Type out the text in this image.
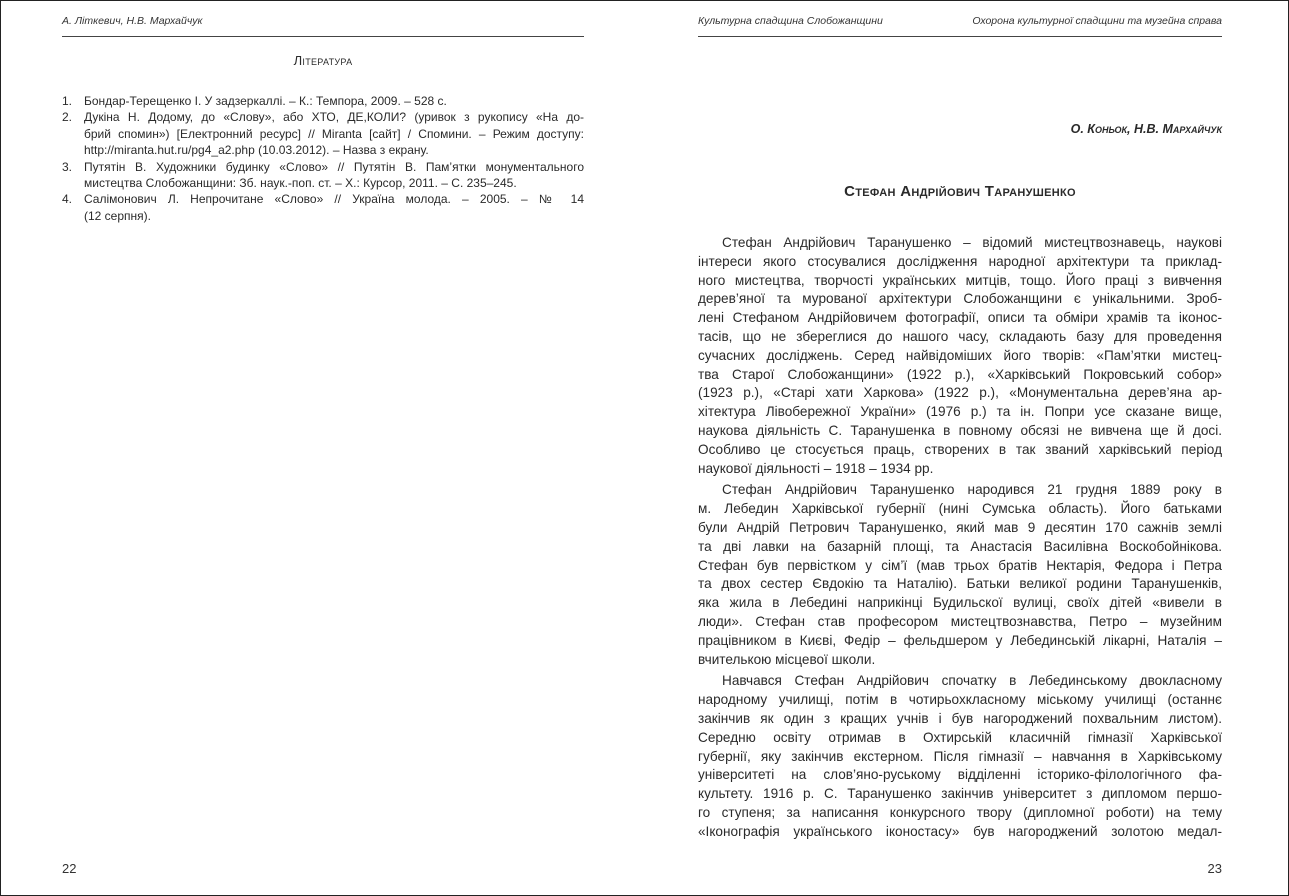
А. Літкевич, Н.В. Мархайчук
Література
1. Бондар-Терещенко І. У задзеркаллі. – К.: Темпора, 2009. – 528 с.
2. Дукіна Н. Додому, до «Слову», або ХТО, ДЕ,КОЛИ? (уривок з рукопису «На до-
брий спомин») [Електронний ресурс] // Miranta [сайт] / Спомини. – Режим доступу:
http://miranta.hut.ru/pg4_a2.php (10.03.2012). – Назва з екрану.
3. Путятін В. Художники будинку «Слово» // Путятін В. Пам’ятки монументального
мистецтва Слобожанщини: Зб. наук.-поп. ст. – Х.: Курсор, 2011. – С. 235–245.
4. Салімонович Л. Непрочитане «Слово» // Україна молода. – 2005. – № 14
(12 серпня).
22
Культурна спадщина Слобожанщини	Охорона культурної спадщини та музейна справа
О. Коньок, Н.В. Мархайчук
Стефан Андрійович Таранушенко
Стефан Андрійович Таранушенко – відомий мистецтвознавець, наукові
інтереси якого стосувалися дослідження народної архітектури та приклад-
ного мистецтва, творчості українських митців, тощо. Його праці з вивчення
дерев’яної та мурованої архітектури Слобожанщини є унікальними. Зроб-
лені Стефаном Андрійовичем фотографії, описи та обміри храмів та іконос-
тасів, що не збереглися до нашого часу, складають базу для проведення
сучасних досліджень. Серед найвідоміших його творів: «Пам’ятки мистец-
тва Старої Слобожанщини» (1922 р.), «Харківський Покровський собор»
(1923 р.), «Старі хати Харкова» (1922 р.), «Монументальна дерев’яна ар-
хітектура Лівобережної України» (1976 р.) та ін. Попри усе сказане вище,
наукова діяльність С. Таранушенка в повному обсязі не вивчена ще й досі.
Особливо це стосується праць, створених в так званий харківський період
наукової діяльності – 1918 – 1934 рр.
Стефан Андрійович Таранушенко народився 21 грудня 1889 року в
м. Лебедин Харківської губернії (нині Сумська область). Його батьками
були Андрій Петрович Таранушенко, який мав 9 десятин 170 сажнів землі
та дві лавки на базарній площі, та Анастасія Василівна Воскобойнікова.
Стефан був первістком у сім’ї (мав трьох братів Нектарія, Федора і Петра
та двох сестер Євдокію та Наталію). Батьки великої родини Таранушенків,
яка жила в Лебедині наприкінці Будильскої вулиці, своїх дітей «вивели в
люди». Стефан став професором мистецтвознавства, Петро – музейним
працівником в Києві, Федір – фельдшером у Лебединській лікарні, Наталія –
вчителькою місцевої школи.
Навчався Стефан Андрійович спочатку в Лебединському двокласному
народному училищі, потім в чотирьохкласному міському училищі (останнє
закінчив як один з кращих учнів і був нагороджений похвальним листом).
Середню освіту отримав в Охтирській класичній гімназії Харківської
губернії, яку закінчив екстерном. Після гімназії – навчання в Харківському
університеті на слов’яно-руському відділенні історико-філологічного фа-
культету. 1916 р. С. Таранушенко закінчив університет з дипломом першо-
го ступеня; за написання конкурсного твору (дипломної роботи) на тему
«Іконографія українського іконостасу» був нагороджений золотою медал-
23
